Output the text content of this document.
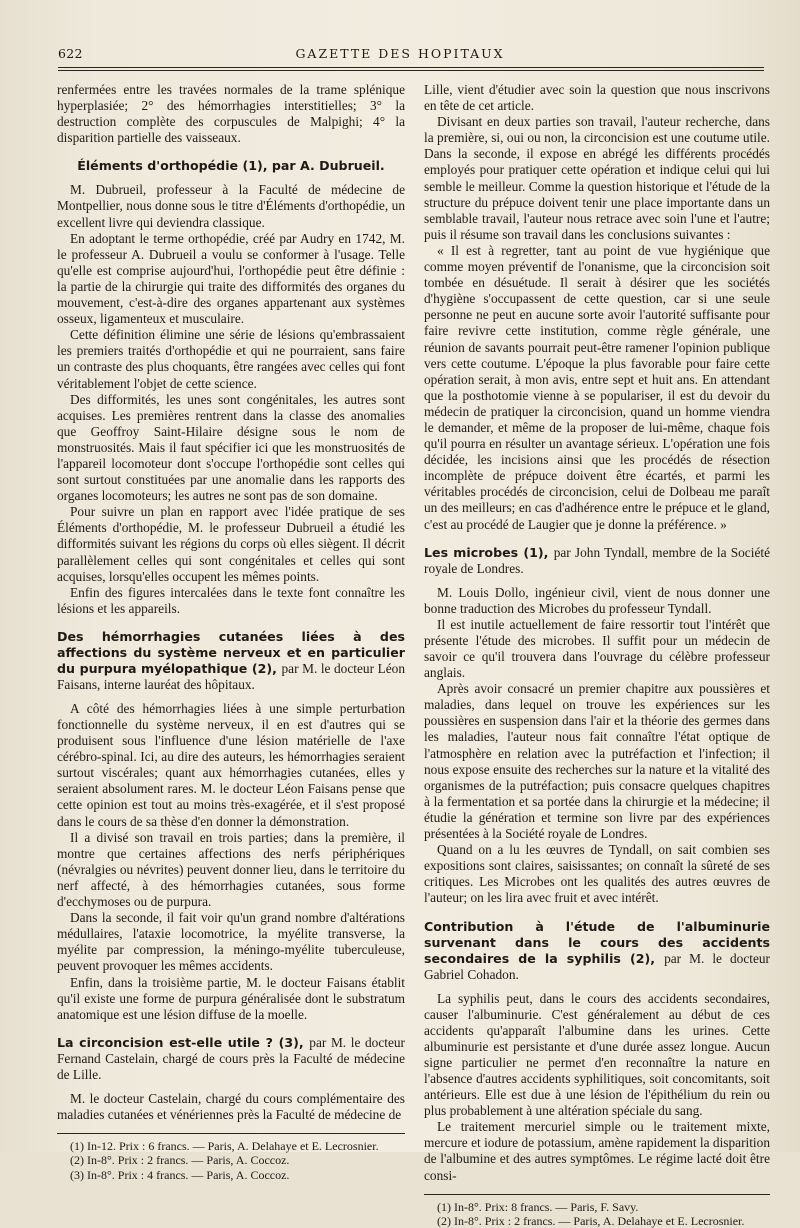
622	GAZETTE DES HOPITAUX

renfermées entre les travées normales de la trame splénique hyperplasiée; 2° des hémorrhagies interstitielles; 3° la destruction complète des corpuscules de Malpighi; 4° la disparition partielle des vaisseaux.

Éléments d'orthopédie (1), par A. Dubrueil.

M. Dubrueil, professeur à la Faculté de médecine de Montpellier, nous donne sous le titre d'Éléments d'orthopédie, un excellent livre qui deviendra classique.

En adoptant le terme orthopédie, créé par Audry en 1742, M. le professeur A. Dubrueil a voulu se conformer à l'usage. Telle qu'elle est comprise aujourd'hui, l'orthopédie peut être définie : la partie de la chirurgie qui traite des difformités des organes du mouvement, c'est-à-dire des organes appartenant aux systèmes osseux, ligamenteux et musculaire.

Cette définition élimine une série de lésions qu'embrassaient les premiers traités d'orthopédie et qui ne pourraient, sans faire un contraste des plus choquants, être rangées avec celles qui font véritablement l'objet de cette science.

Des difformités, les unes sont congénitales, les autres sont acquises. Les premières rentrent dans la classe des anomalies que Geoffroy Saint-Hilaire désigne sous le nom de monstruosités. Mais il faut spécifier ici que les monstruosités de l'appareil locomoteur dont s'occupe l'orthopédie sont celles qui sont surtout constituées par une anomalie dans les rapports des organes locomoteurs; les autres ne sont pas de son domaine.

Pour suivre un plan en rapport avec l'idée pratique de ses Éléments d'orthopédie, M. le professeur Dubrueil a étudié les difformités suivant les régions du corps où elles siègent. Il décrit parallèlement celles qui sont congénitales et celles qui sont acquises, lorsqu'elles occupent les mêmes points.

Enfin des figures intercalées dans le texte font connaître les lésions et les appareils.

Des hémorrhagies cutanées liées à des affections du système nerveux et en particulier du purpura myélopathique (2), par M. le docteur Léon Faisans, interne lauréat des hôpitaux.

A côté des hémorrhagies liées à une simple perturbation fonctionnelle du système nerveux, il en est d'autres qui se produisent sous l'influence d'une lésion matérielle de l'axe cérébro-spinal. Ici, au dire des auteurs, les hémorrhagies seraient surtout viscérales; quant aux hémorrhagies cutanées, elles y seraient absolument rares. M. le docteur Léon Faisans pense que cette opinion est tout au moins très-exagérée, et il s'est proposé dans le cours de sa thèse d'en donner la démonstration.

Il a divisé son travail en trois parties; dans la première, il montre que certaines affections des nerfs périphériques (névralgies ou névrites) peuvent donner lieu, dans le territoire du nerf affecté, à des hémorrhagies cutanées, sous forme d'ecchymoses ou de purpura.

Dans la seconde, il fait voir qu'un grand nombre d'altérations médullaires, l'ataxie locomotrice, la myélite transverse, la myélite par compression, la méningo-myélite tuberculeuse, peuvent provoquer les mêmes accidents.

Enfin, dans la troisième partie, M. le docteur Faisans établit qu'il existe une forme de purpura généralisée dont le substratum anatomique est une lésion diffuse de la moelle.

La circoncision est-elle utile ? (3), par M. le docteur Fernand Castelain, chargé de cours près la Faculté de médecine de Lille.

M. le docteur Castelain, chargé du cours complémentaire des maladies cutanées et vénériennes près la Faculté de médecine de

(1) In-12. Prix : 6 francs. — Paris, A. Delahaye et E. Lecrosnier.

(2) In-8°. Prix : 2 francs. — Paris, A. Coccoz.

(3) In-8°. Prix : 4 francs. — Paris, A. Coccoz.

Lille, vient d'étudier avec soin la question que nous inscrivons en tête de cet article.

Divisant en deux parties son travail, l'auteur recherche, dans la première, si, oui ou non, la circoncision est une coutume utile. Dans la seconde, il expose en abrégé les différents procédés employés pour pratiquer cette opération et indique celui qui lui semble le meilleur. Comme la question historique et l'étude de la structure du prépuce doivent tenir une place importante dans un semblable travail, l'auteur nous retrace avec soin l'une et l'autre; puis il résume son travail dans les conclusions suivantes :

« Il est à regretter, tant au point de vue hygiénique que comme moyen préventif de l'onanisme, que la circoncision soit tombée en désuétude. Il serait à désirer que les sociétés d'hygiène s'occupassent de cette question, car si une seule personne ne peut en aucune sorte avoir l'autorité suffisante pour faire revivre cette institution, comme règle générale, une réunion de savants pourrait peut-être ramener l'opinion publique vers cette coutume. L'époque la plus favorable pour faire cette opération serait, à mon avis, entre sept et huit ans. En attendant que la posthotomie vienne à se populariser, il est du devoir du médecin de pratiquer la circoncision, quand un homme viendra le demander, et même de la proposer de lui-même, chaque fois qu'il pourra en résulter un avantage sérieux. L'opération une fois décidée, les incisions ainsi que les procédés de résection incomplète de prépuce doivent être écartés, et parmi les véritables procédés de circoncision, celui de Dolbeau me paraît un des meilleurs; en cas d'adhérence entre le prépuce et le gland, c'est au procédé de Laugier que je donne la préférence. »

Les microbes (1), par John Tyndall, membre de la Société royale de Londres.

M. Louis Dollo, ingénieur civil, vient de nous donner une bonne traduction des Microbes du professeur Tyndall.

Il est inutile actuellement de faire ressortir tout l'intérêt que présente l'étude des microbes. Il suffit pour un médecin de savoir ce qu'il trouvera dans l'ouvrage du célèbre professeur anglais.

Après avoir consacré un premier chapitre aux poussières et maladies, dans lequel on trouve les expériences sur les poussières en suspension dans l'air et la théorie des germes dans les maladies, l'auteur nous fait connaître l'état optique de l'atmosphère en relation avec la putréfaction et l'infection; il nous expose ensuite des recherches sur la nature et la vitalité des organismes de la putréfaction; puis consacre quelques chapitres à la fermentation et sa portée dans la chirurgie et la médecine; il étudie la génération et termine son livre par des expériences présentées à la Société royale de Londres.

Quand on a lu les œuvres de Tyndall, on sait combien ses expositions sont claires, saisissantes; on connaît la sûreté de ses critiques. Les Microbes ont les qualités des autres œuvres de l'auteur; on les lira avec fruit et avec intérêt.

Contribution à l'étude de l'albuminurie survenant dans le cours des accidents secondaires de la syphilis (2), par M. le docteur Gabriel Cohadon.

La syphilis peut, dans le cours des accidents secondaires, causer l'albuminurie. C'est généralement au début de ces accidents qu'apparaît l'albumine dans les urines. Cette albuminurie est persistante et d'une durée assez longue. Aucun signe particulier ne permet d'en reconnaître la nature en l'absence d'autres accidents syphilitiques, soit concomitants, soit antérieurs. Elle est due à une lésion de l'épithélium du rein ou plus probablement à une altération spéciale du sang.

Le traitement mercuriel simple ou le traitement mixte, mercure et iodure de potassium, amène rapidement la disparition de l'albumine et des autres symptômes. Le régime lacté doit être consi-

(1) In-8°. Prix: 8 francs. — Paris, F. Savy.

(2) In-8°. Prix : 2 francs. — Paris, A. Delahaye et E. Lecrosnier.
